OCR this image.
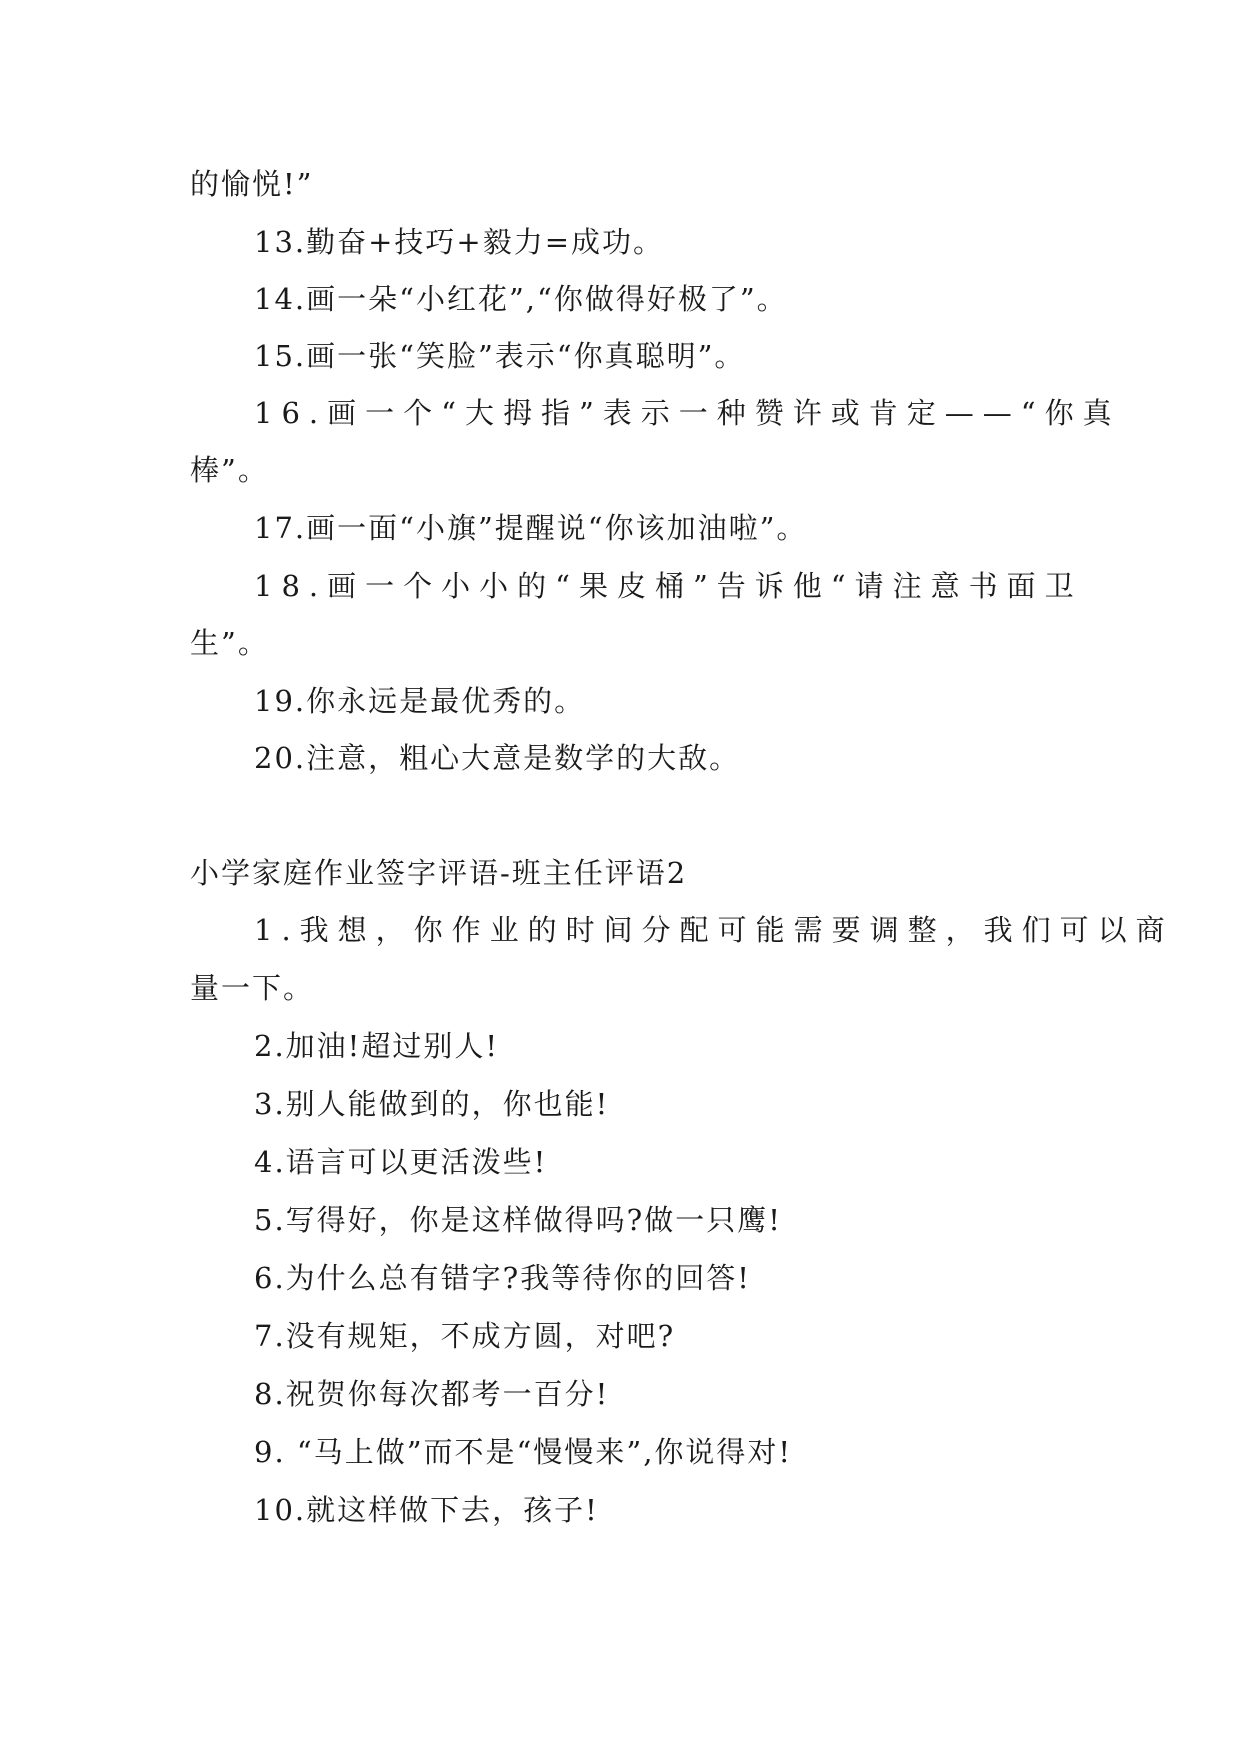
的愉悦!”
13.勤奋+技巧+毅力=成功。
14.画一朵“小红花”,“你做得好极了”。
15.画一张“笑脸”表示“你真聪明”。
16.画一个“大拇指”表示一种赞许或肯定——“你真
棒”。
17.画一面“小旗”提醒说“你该加油啦”。
18.画一个小小的“果皮桶”告诉他“请注意书面卫
生”。
19.你永远是最优秀的。
20.注意，粗心大意是数学的大敌。
小学家庭作业签字评语-班主任评语2
1.我想，你作业的时间分配可能需要调整，我们可以商
量一下。
2.加油!超过别人!
3.别人能做到的，你也能!
4.语言可以更活泼些!
5.写得好，你是这样做得吗?做一只鹰!
6.为什么总有错字?我等待你的回答!
7.没有规矩，不成方圆，对吧?
8.祝贺你每次都考一百分!
9. “马上做”而不是“慢慢来”,你说得对!
10.就这样做下去，孩子!
